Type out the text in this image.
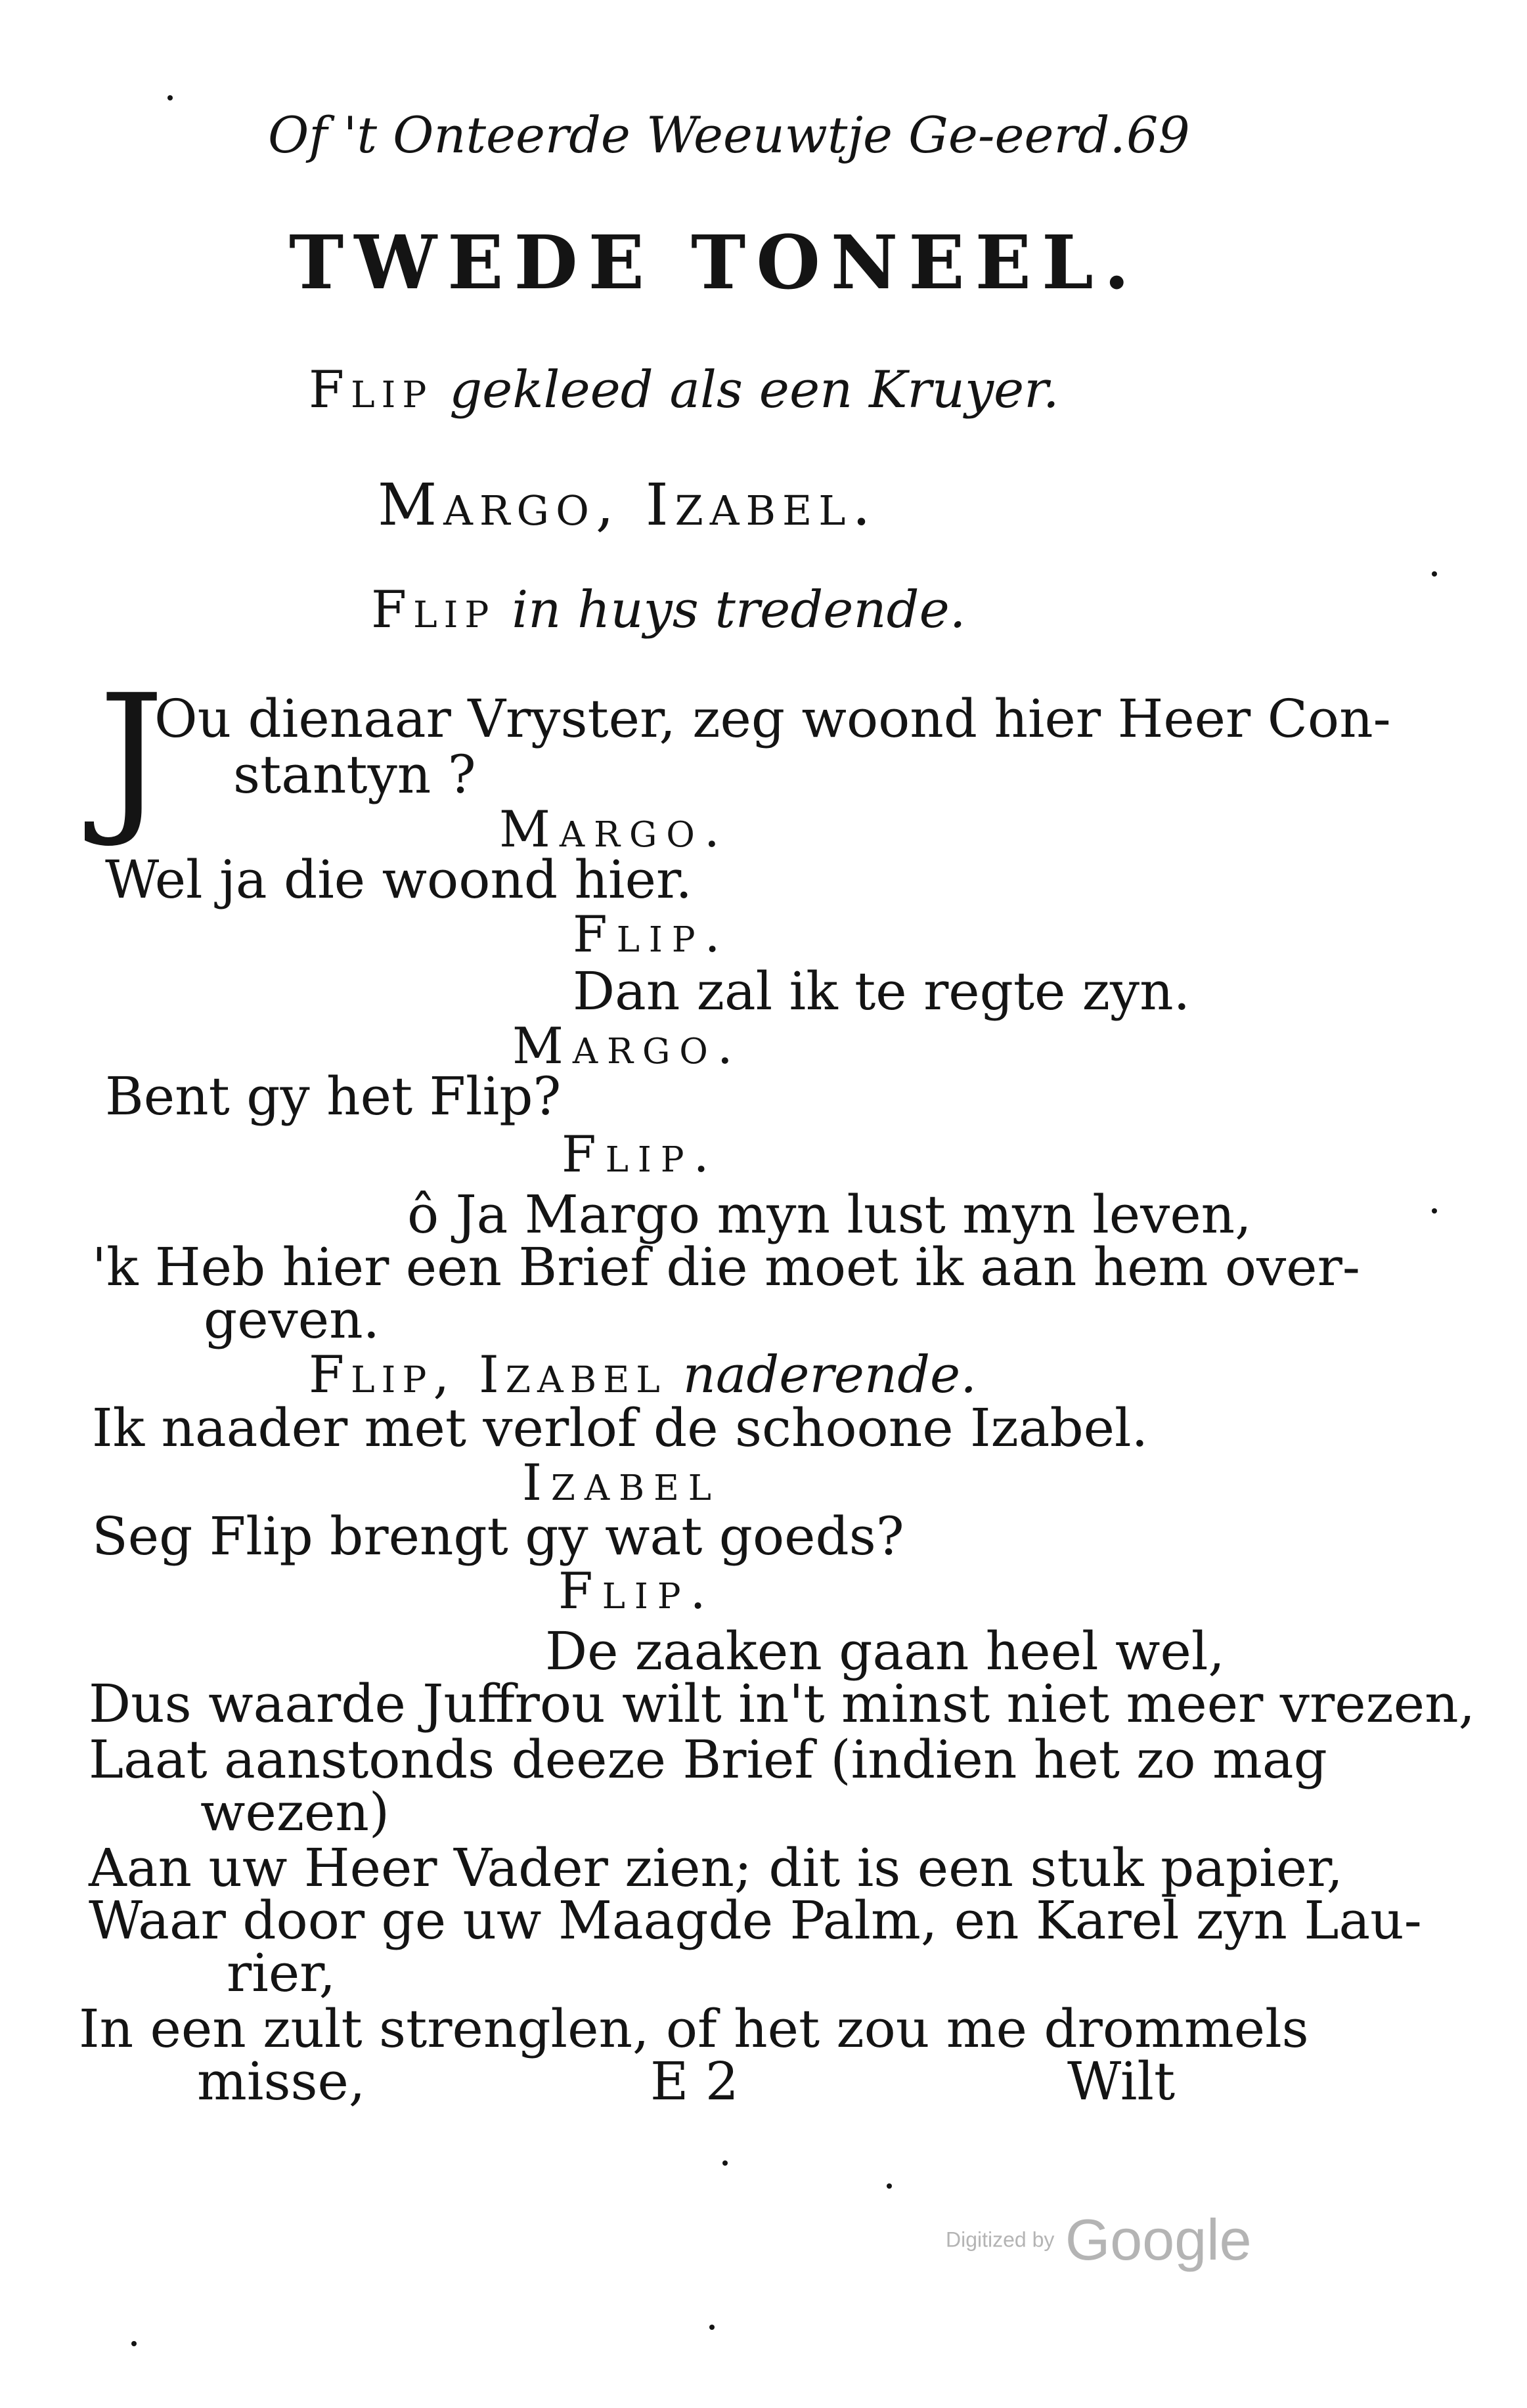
Of 't Onteerde Weeuwtje Ge-eerd. 69
TWEDE TONEEL.
Flip gekleed als een Kruyer.
Margo, Izabel.
Flip in huys tredende.
J
Ou dienaar Vryster, zeg woond hier Heer Con-
stantyn ?
Margo.
Wel ja die woond hier.
Flip.
Dan zal ik te regte zyn.
Margo.
Bent gy het Flip?
Flip.
ô Ja Margo myn lust myn leven,
'k Heb hier een Brief die moet ik aan hem over-
geven.
Flip, Izabel naderende.
Ik naader met verlof de schoone Izabel.
Izabel
Seg Flip brengt gy wat goeds?
Flip.
De zaaken gaan heel wel,
Dus waarde Juffrou wilt in't minst niet meer vrezen,
Laat aanstonds deeze Brief (indien het zo mag
wezen)
Aan uw Heer Vader zien; dit is een stuk papier,
Waar door ge uw Maagde Palm, en Karel zyn Lau-
rier,
In een zult strenglen, of het zou me drommels
misse,	E 2	Wilt
Digitized by Google
